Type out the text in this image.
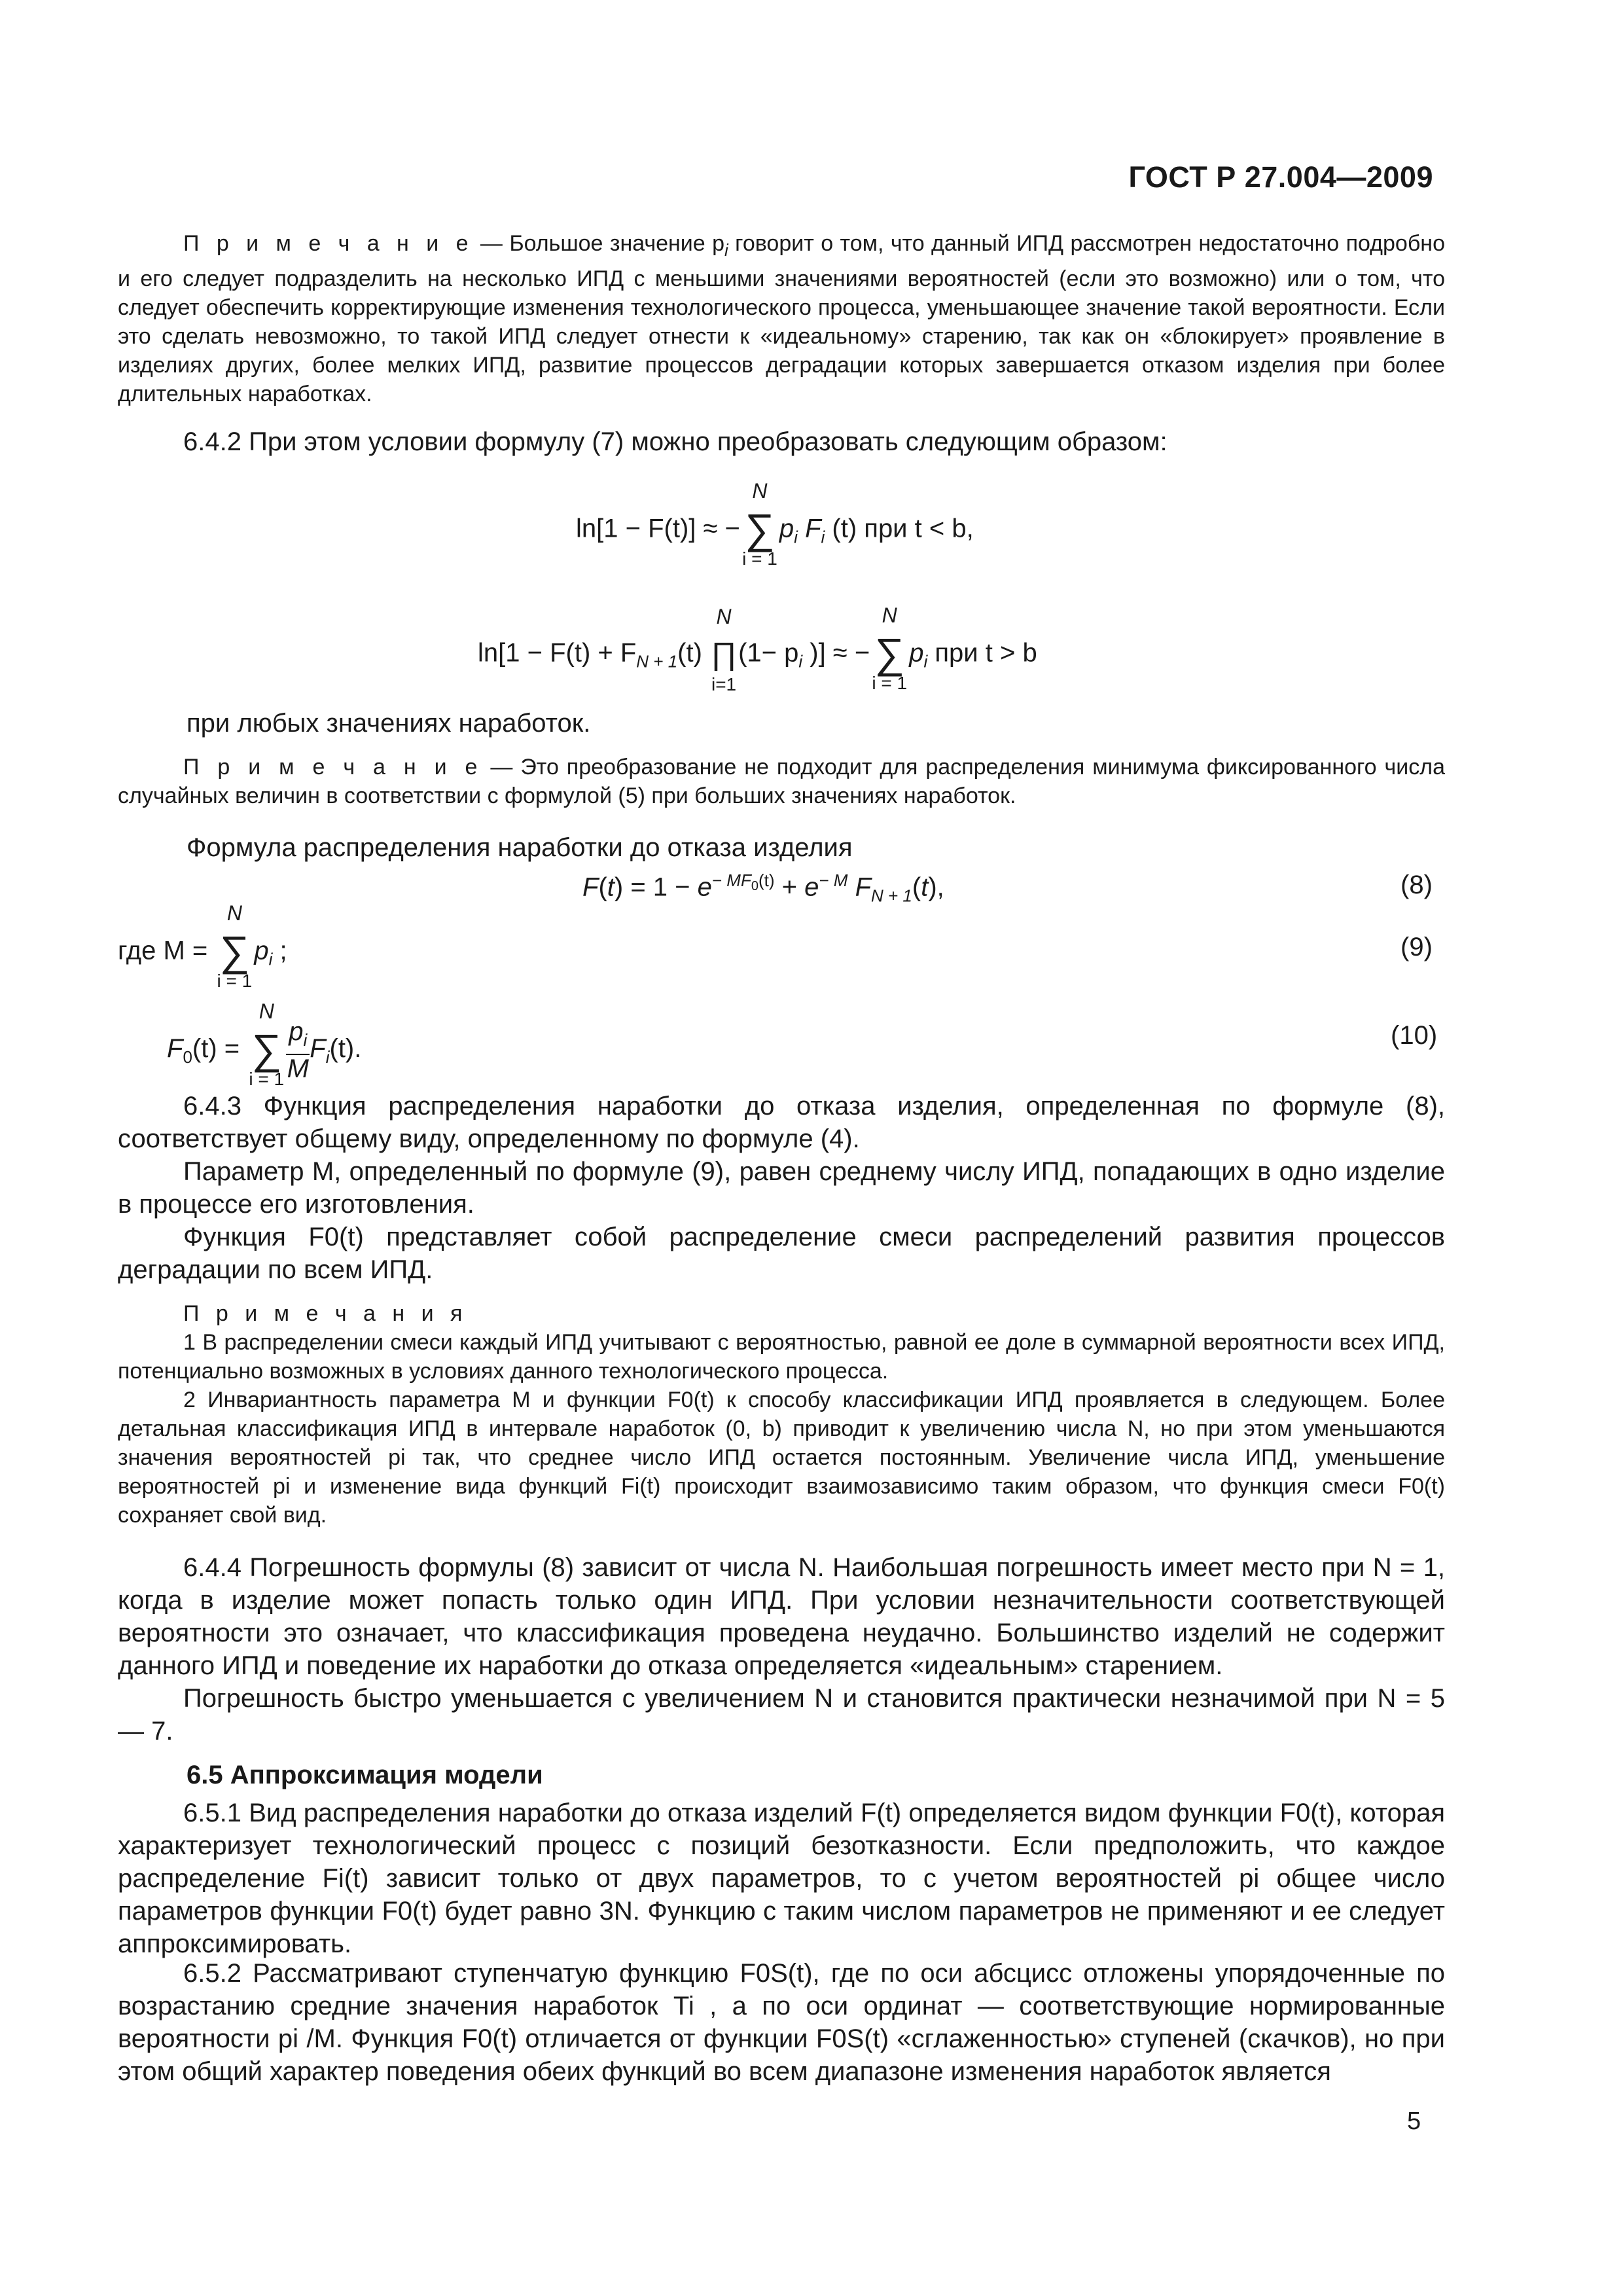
ГОСТ Р 27.004—2009
П р и м е ч а н и е — Большое значение $p_i$ говорит о том, что данный ИПД рассмотрен недостаточно подробно и его следует подразделить на несколько ИПД с меньшими значениями вероятностей (если это возможно) или о том, что следует обеспечить корректирующие изменения технологического процесса, уменьшающее значение такой вероятности. Если это сделать невозможно, то такой ИПД следует отнести к «идеальному» старению, так как он «блокирует» проявление в изделиях других, более мелких ИПД, развитие процессов деградации которых завершается отказом изделия при более длительных наработках.
6.4.2 При этом условии формулу (7) можно преобразовать следующим образом:
ln[1 − F(t)] ≈ −
N
∑
i = 1
$p_i$ $F_i$ (t) при t < b,
$\ln[1 - F(t) + F_{N + 1}(t)$
N
∏
i=1
($1- p_i$ )] ≈ −
N
∑
i = 1
$p_i$ при t > b
при любых значениях наработок.
П р и м е ч а н и е — Это преобразование не подходит для распределения минимума фиксированного числа случайных величин в соответствии с формулой (5) при больших значениях наработок.
Формула распределения наработки до отказа изделия
$F(t) = 1 - e^{- MF_0(t)} + e^{- M}$ $F_{N + 1}(t)$,	(8)
где M =
N
∑
i = 1
$p_i$ ;	(9)
$F_0(t)$ =
N
∑
$i = 1 \frac{p_i}{M} F_i(t)$.	(10)
6.4.3 Функция распределения наработки до отказа изделия, определенная по формуле (8), соответствует общему виду, определенному по формуле (4).
Параметр M, определенный по формуле (9), равен среднему числу ИПД, попадающих в одно изделие в процессе его изготовления.
Функция F0(t) представляет собой распределение смеси распределений развития процессов деградации по всем ИПД.
П р и м е ч а н и я
1 В распределении смеси каждый ИПД учитывают с вероятностью, равной ее доле в суммарной вероятности всех ИПД, потенциально возможных в условиях данного технологического процесса.
2 Инвариантность параметра M и функции F0(t) к способу классификации ИПД проявляется в следующем. Более детальная классификация ИПД в интервале наработок (0, b) приводит к увеличению числа N, но при этом уменьшаются значения вероятностей pi так, что среднее число ИПД остается постоянным. Увеличение числа ИПД, уменьшение вероятностей pi и изменение вида функций Fi(t) происходит взаимозависимо таким образом, что функция смеси F0(t) сохраняет свой вид.
6.4.4 Погрешность формулы (8) зависит от числа N. Наибольшая погрешность имеет место при N = 1, когда в изделие может попасть только один ИПД. При условии незначительности соответствующей вероятности это означает, что классификация проведена неудачно. Большинство изделий не содержит данного ИПД и поведение их наработки до отказа определяется «идеальным» старением.
Погрешность быстро уменьшается с увеличением N и становится практически незначимой при N = 5 — 7.
6.5 Аппроксимация модели
6.5.1 Вид распределения наработки до отказа изделий F(t) определяется видом функции F0(t), которая характеризует технологический процесс с позиций безотказности. Если предположить, что каждое распределение Fi(t) зависит только от двух параметров, то с учетом вероятностей pi общее число параметров функции F0(t) будет равно 3N. Функцию с таким числом параметров не применяют и ее следует аппроксимировать.
6.5.2 Рассматривают ступенчатую функцию F0S(t), где по оси абсцисс отложены упорядоченные по возрастанию средние значения наработок Ti , а по оси ординат — соответствующие нормированные вероятности pi /M. Функция F0(t) отличается от функции F0S(t) «сглаженностью» ступеней (скачков), но при этом общий характер поведения обеих функций во всем диапазоне изменения наработок является
5
